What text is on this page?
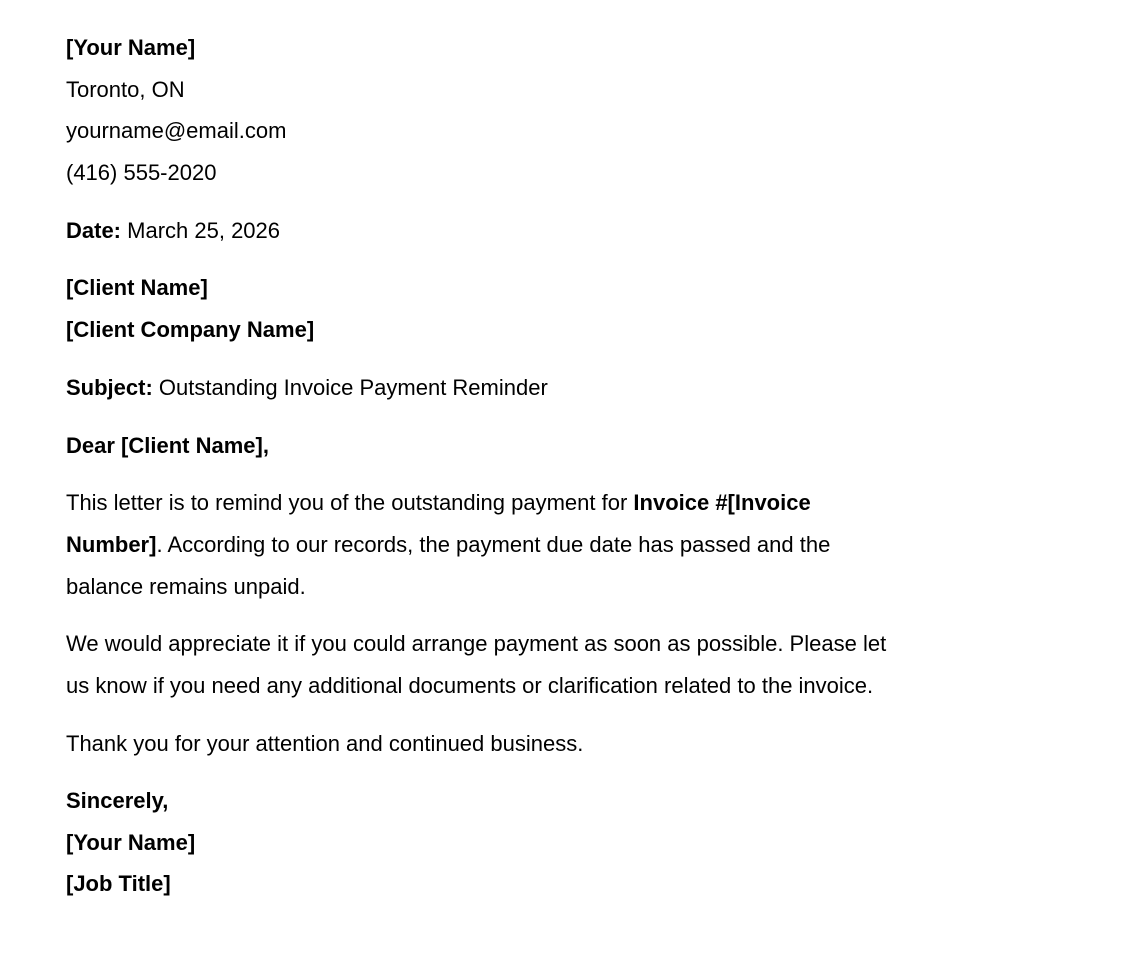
[Your Name]
Toronto, ON
yourname@email.com
(416) 555-2020
Date: March 25, 2026
[Client Name]
[Client Company Name]
Subject: Outstanding Invoice Payment Reminder
Dear [Client Name],
This letter is to remind you of the outstanding payment for Invoice #[Invoice
Number]. According to our records, the payment due date has passed and the
balance remains unpaid.
We would appreciate it if you could arrange payment as soon as possible. Please let
us know if you need any additional documents or clarification related to the invoice.
Thank you for your attention and continued business.
Sincerely,
[Your Name]
[Job Title]
